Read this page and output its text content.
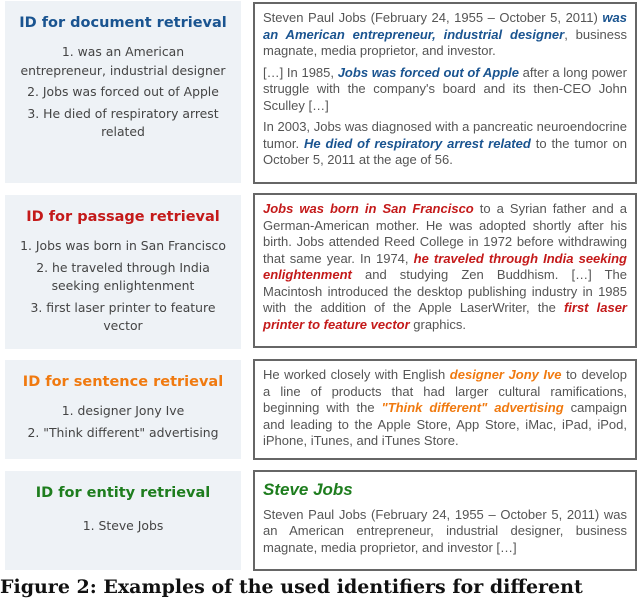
ID for document retrieval
1. was an American entrepreneur, industrial designer
2. Jobs was forced out of Apple
3. He died of respiratory arrest related

Steven Paul Jobs (February 24, 1955 – October 5, 2011) was an American entrepreneur, industrial designer, business magnate, media proprietor, and investor.

[…] In 1985, Jobs was forced out of Apple after a long power struggle with the company's board and its then-CEO John Sculley […]

In 2003, Jobs was diagnosed with a pancreatic neuroendocrine tumor. He died of respiratory arrest related to the tumor on October 5, 2011 at the age of 56.

ID for passage retrieval
1. Jobs was born in San Francisco
2. he traveled through India seeking enlightenment
3. first laser printer to feature vector

Jobs was born in San Francisco to a Syrian father and a German-American mother. He was adopted shortly after his birth. Jobs attended Reed College in 1972 before withdrawing that same year. In 1974, he traveled through India seeking enlightenment and studying Zen Buddhism. […] The Macintosh introduced the desktop publishing industry in 1985 with the addition of the Apple LaserWriter, the first laser printer to feature vector graphics.

ID for sentence retrieval
1. designer Jony Ive
2. "Think different" advertising

He worked closely with English designer Jony Ive to develop a line of products that had larger cultural ramifications, beginning with the "Think different" advertising campaign and leading to the Apple Store, App Store, iMac, iPad, iPod, iPhone, iTunes, and iTunes Store.

ID for entity retrieval
1. Steve Jobs
Steve Jobs

Steven Paul Jobs (February 24, 1955 – October 5, 2011) was an American entrepreneur, industrial designer, business magnate, media proprietor, and investor […]

Figure 2: Examples of the used identifiers for different
